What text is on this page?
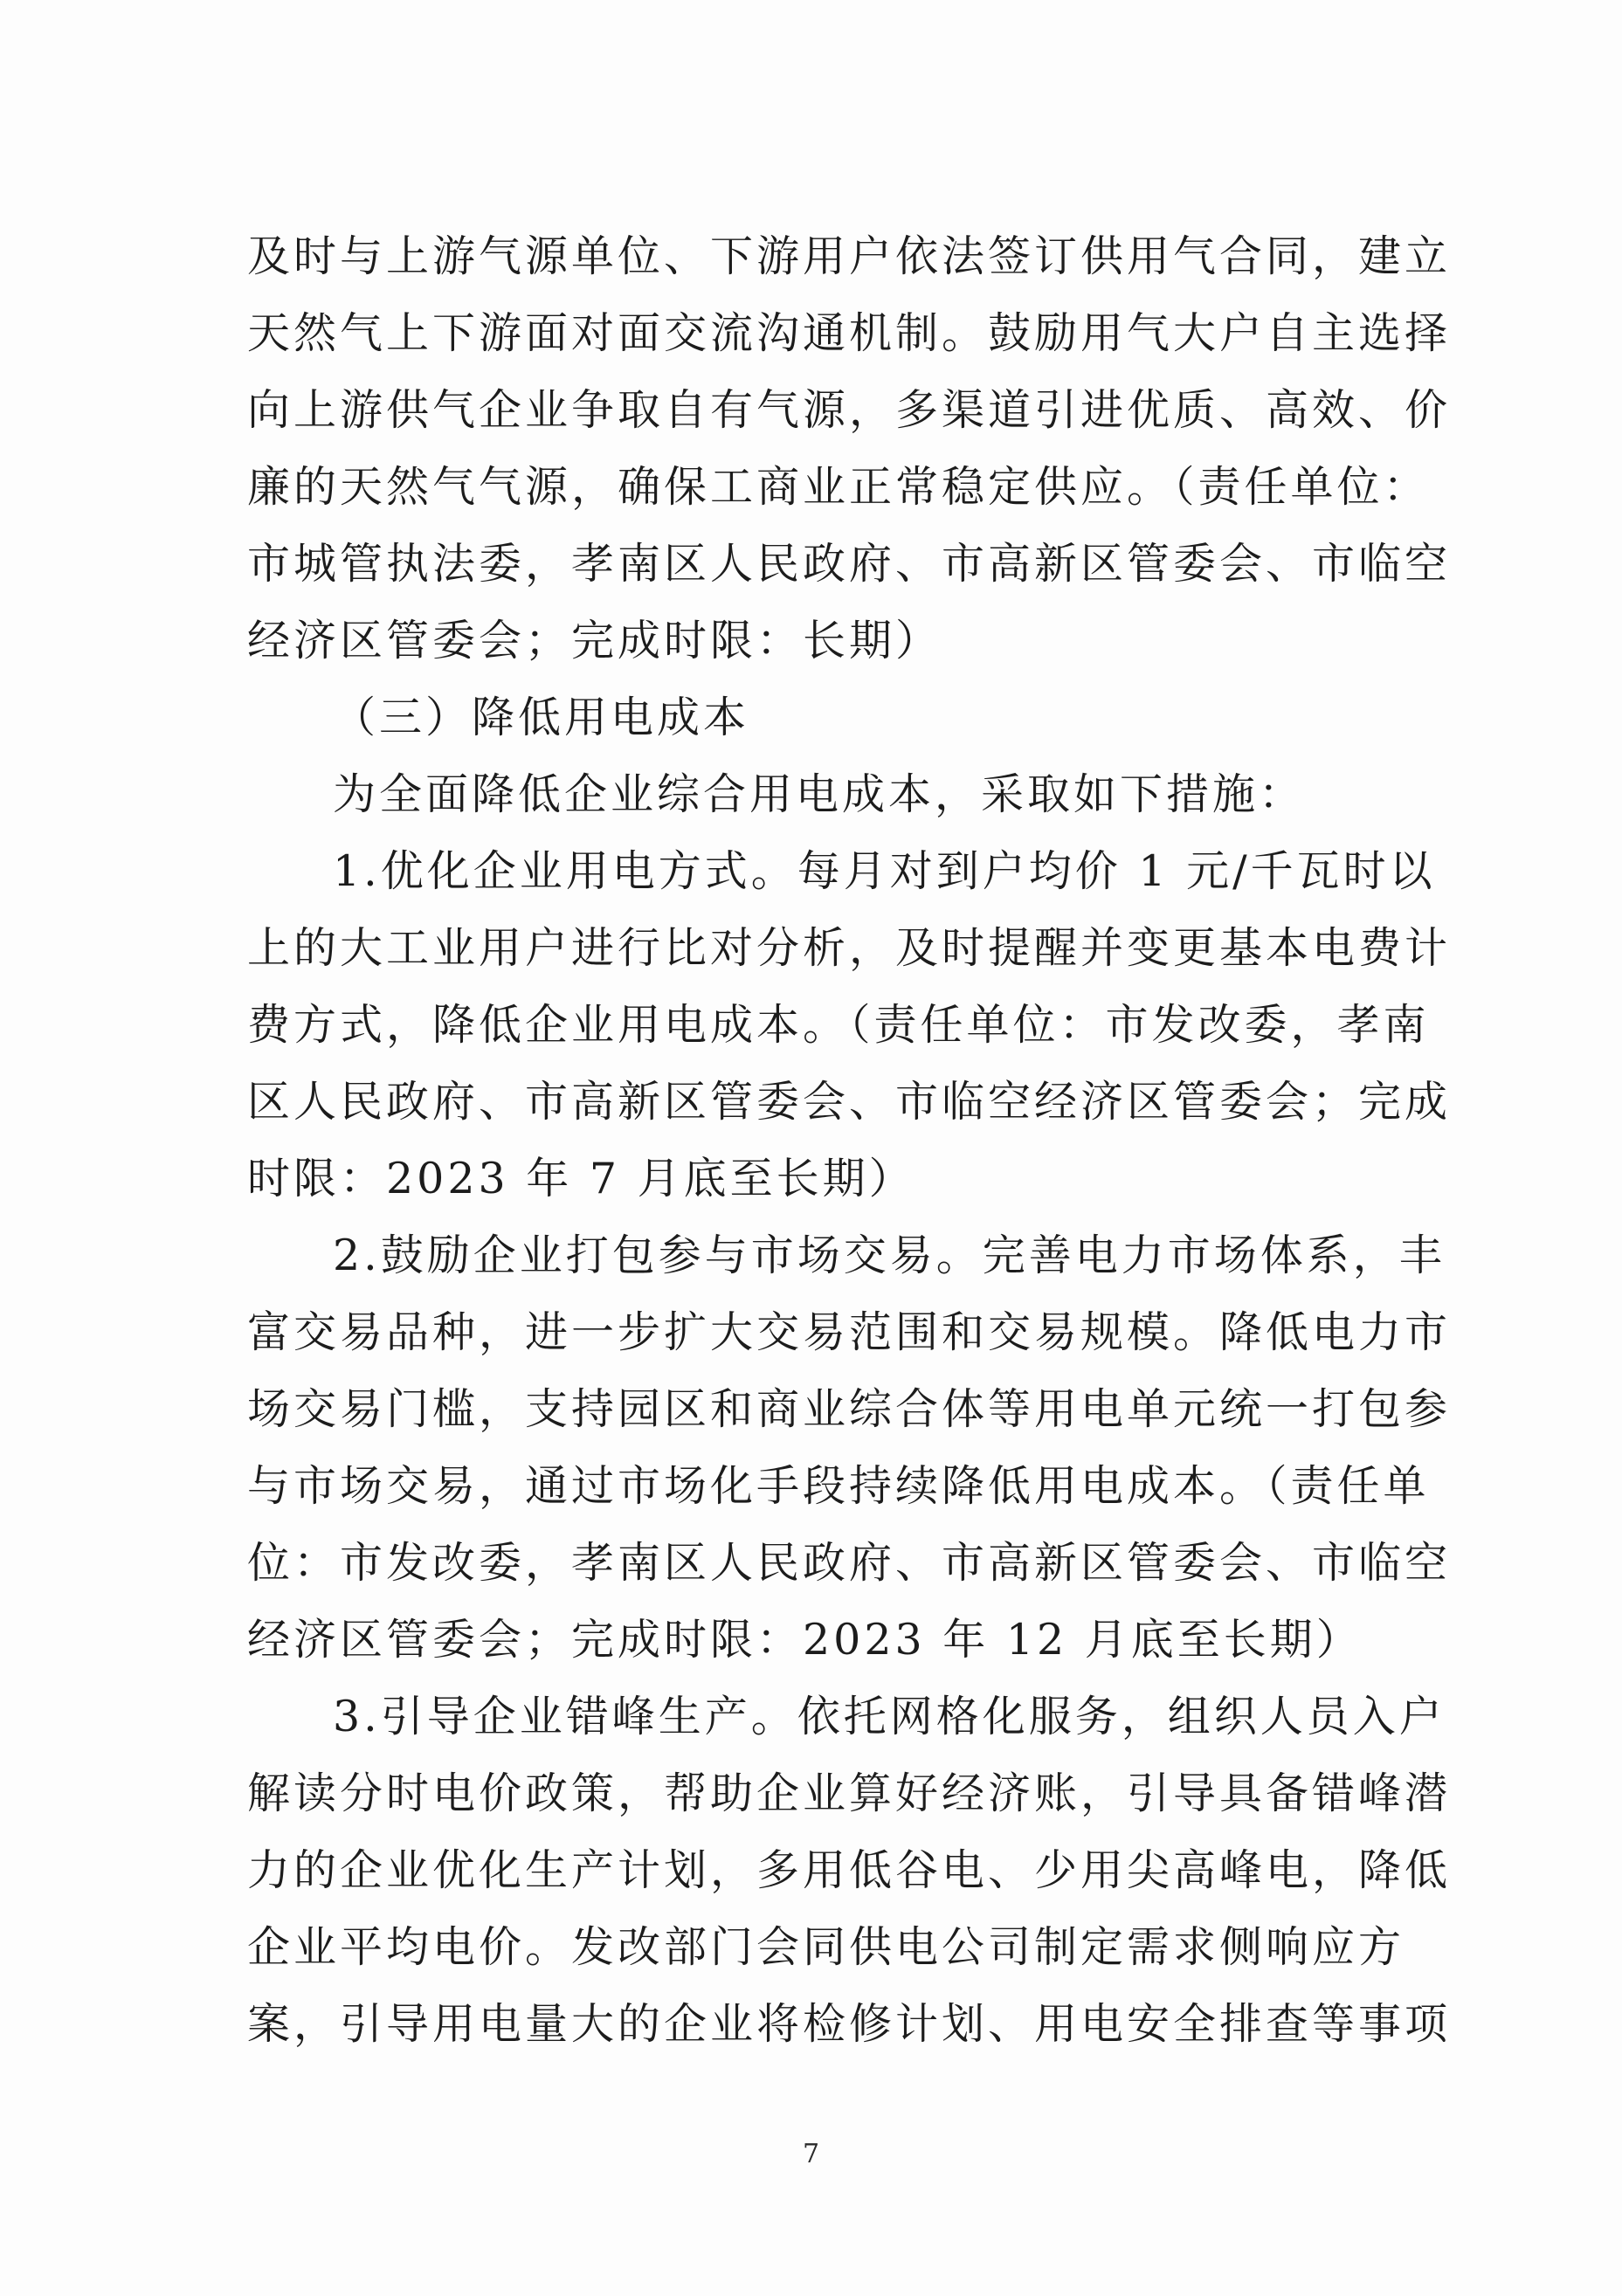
及时与上游气源单位、下游用户依法签订供用气合同，建立
天然气上下游面对面交流沟通机制。鼓励用气大户自主选择
向上游供气企业争取自有气源，多渠道引进优质、高效、价
廉的天然气气源，确保工商业正常稳定供应。（责任单位：
市城管执法委，孝南区人民政府、市高新区管委会、市临空
经济区管委会；完成时限：长期）
（三）降低用电成本
为全面降低企业综合用电成本，采取如下措施：
1.优化企业用电方式。每月对到户均价 1 元/千瓦时以
上的大工业用户进行比对分析，及时提醒并变更基本电费计
费方式，降低企业用电成本。（责任单位：市发改委，孝南
区人民政府、市高新区管委会、市临空经济区管委会；完成
时限：2023 年 7 月底至长期）
2.鼓励企业打包参与市场交易。完善电力市场体系，丰
富交易品种，进一步扩大交易范围和交易规模。降低电力市
场交易门槛，支持园区和商业综合体等用电单元统一打包参
与市场交易，通过市场化手段持续降低用电成本。（责任单
位：市发改委，孝南区人民政府、市高新区管委会、市临空
经济区管委会；完成时限：2023 年 12 月底至长期）
3.引导企业错峰生产。依托网格化服务，组织人员入户
解读分时电价政策，帮助企业算好经济账，引导具备错峰潜
力的企业优化生产计划，多用低谷电、少用尖高峰电，降低
企业平均电价。发改部门会同供电公司制定需求侧响应方
案，引导用电量大的企业将检修计划、用电安全排查等事项
7
